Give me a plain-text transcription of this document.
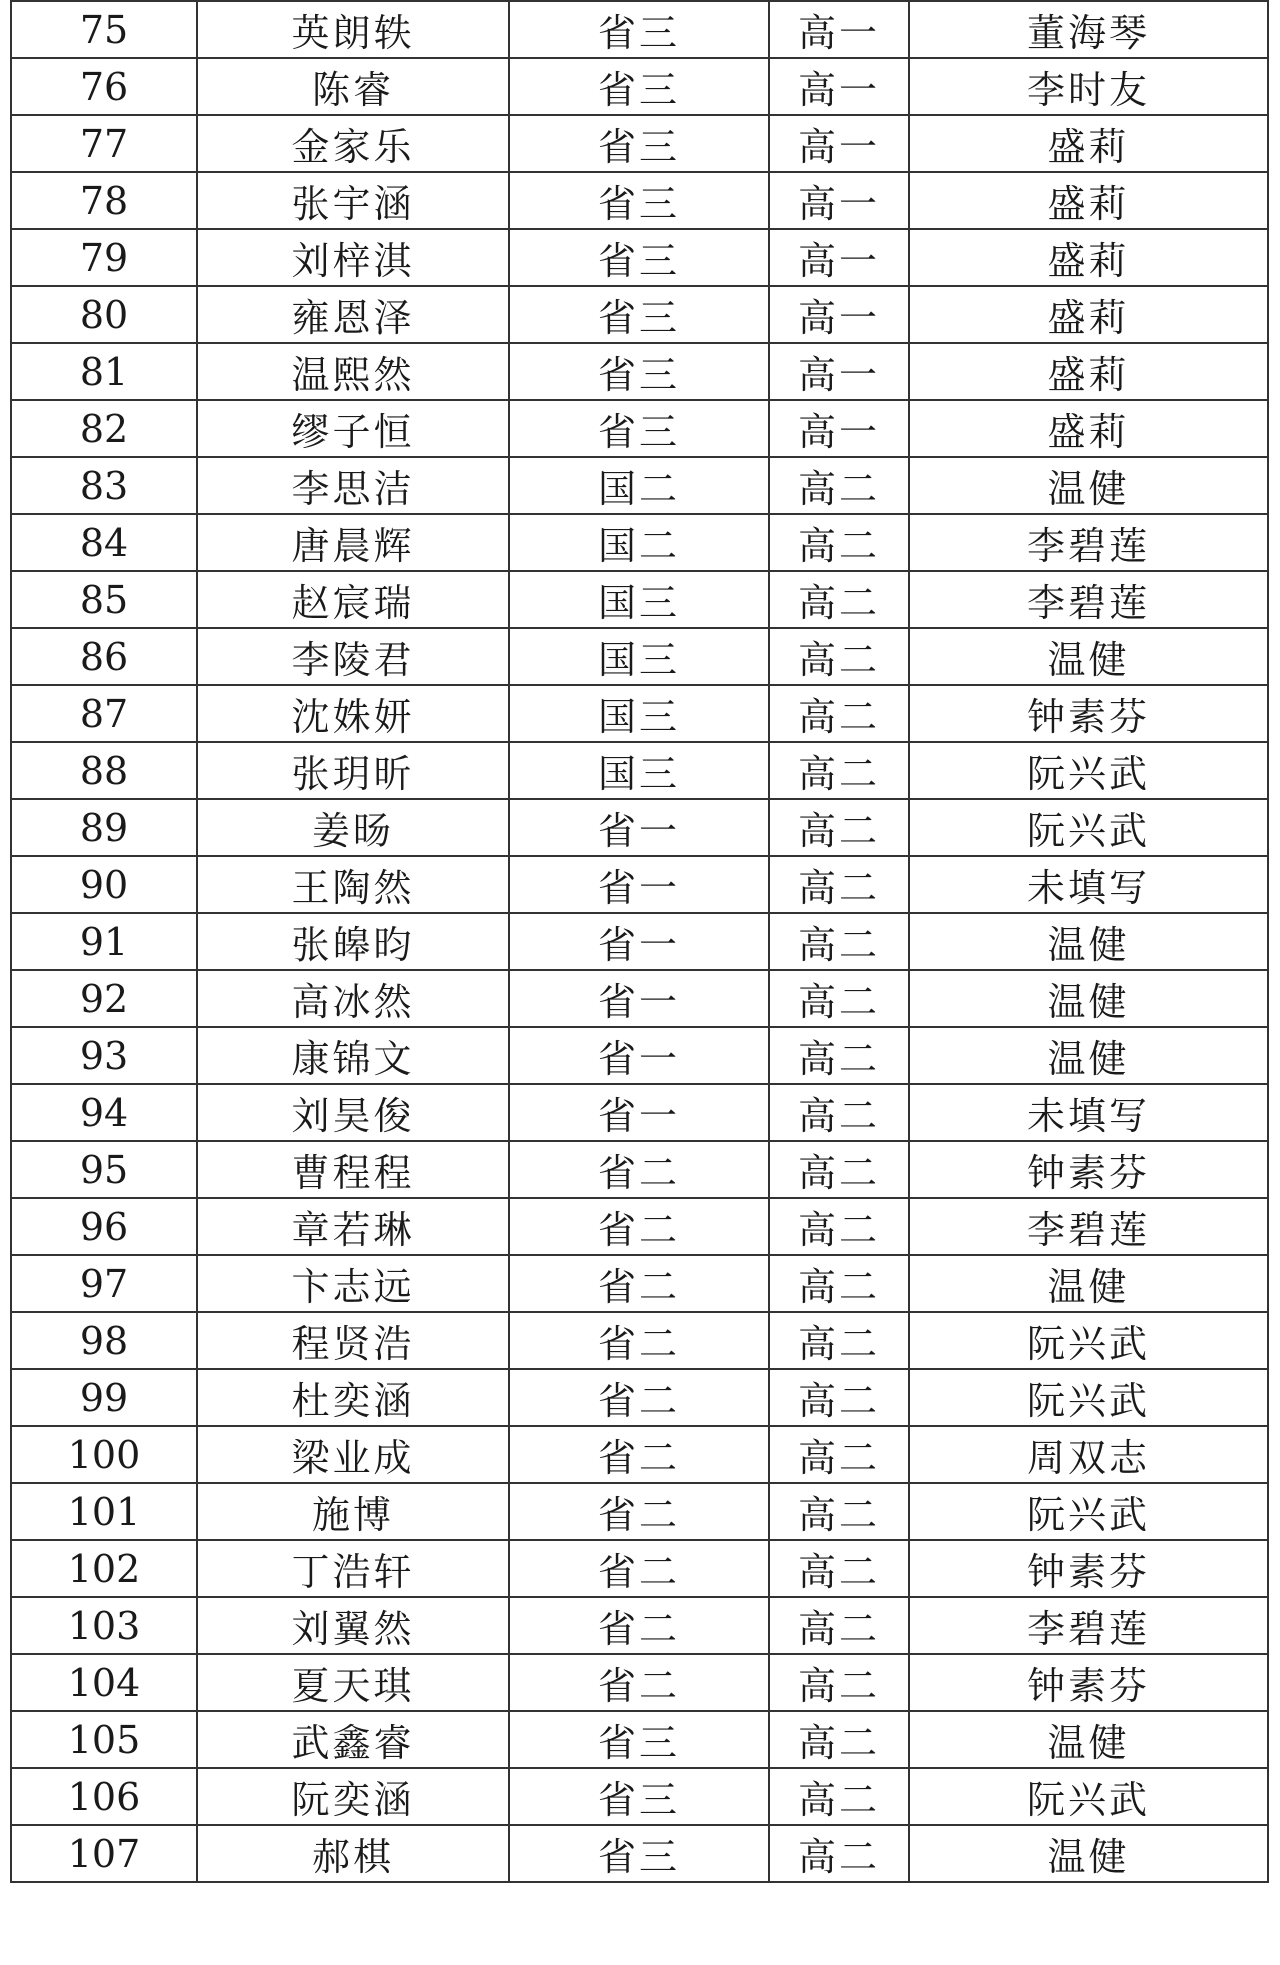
75	英朗轶	省三	高一	董海琴
76	陈睿	省三	高一	李时友
77	金家乐	省三	高一	盛莉
78	张宇涵	省三	高一	盛莉
79	刘梓淇	省三	高一	盛莉
80	雍恩泽	省三	高一	盛莉
81	温熙然	省三	高一	盛莉
82	缪子恒	省三	高一	盛莉
83	李思洁	国二	高二	温健
84	唐晨辉	国二	高二	李碧莲
85	赵宸瑞	国三	高二	李碧莲
86	李陵君	国三	高二	温健
87	沈姝妍	国三	高二	钟素芬
88	张玥昕	国三	高二	阮兴武
89	姜旸	省一	高二	阮兴武
90	王陶然	省一	高二	未填写
91	张皞昀	省一	高二	温健
92	高冰然	省一	高二	温健
93	康锦文	省一	高二	温健
94	刘昊俊	省一	高二	未填写
95	曹程程	省二	高二	钟素芬
96	章若琳	省二	高二	李碧莲
97	卞志远	省二	高二	温健
98	程贤浩	省二	高二	阮兴武
99	杜奕涵	省二	高二	阮兴武
100	梁业成	省二	高二	周双志
101	施博	省二	高二	阮兴武
102	丁浩轩	省二	高二	钟素芬
103	刘翼然	省二	高二	李碧莲
104	夏天琪	省二	高二	钟素芬
105	武鑫睿	省三	高二	温健
106	阮奕涵	省三	高二	阮兴武
107	郝棋	省三	高二	温健
